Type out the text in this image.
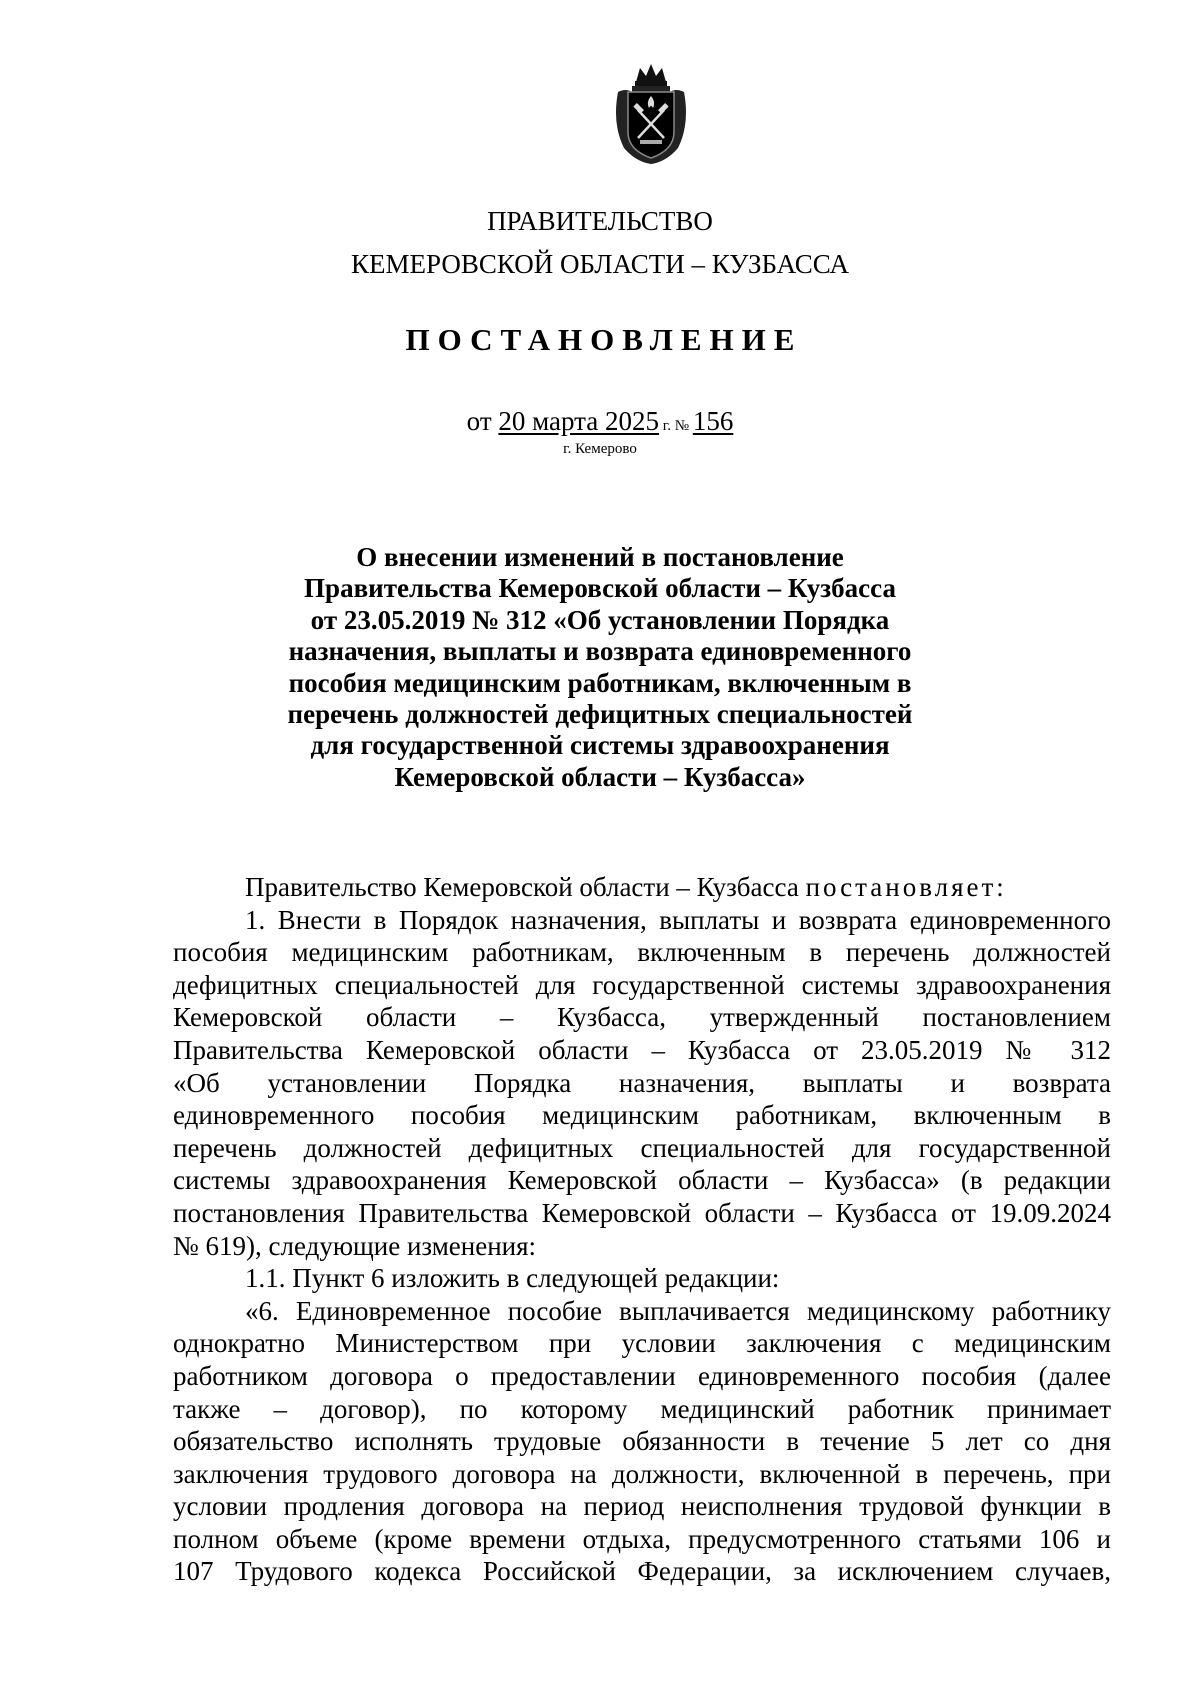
ПРАВИТЕЛЬСТВО
КЕМЕРОВСКОЙ ОБЛАСТИ – КУЗБАССА
ПОСТАНОВЛЕНИЕ
от 20 марта 2025 г. № 156
г. Кемерово
О внесении изменений в постановление
Правительства Кемеровской области – Кузбасса
от 23.05.2019 № 312 «Об установлении Порядка
назначения, выплаты и возврата единовременного
пособия медицинским работникам, включенным в
перечень должностей дефицитных специальностей
для государственной системы здравоохранения
Кемеровской области – Кузбасса»
Правительство Кемеровской области – Кузбасса постановляет:
1. Внести в Порядок назначения, выплаты и возврата единовременного
пособия медицинским работникам, включенным в перечень должностей
дефицитных специальностей для государственной системы здравоохранения
Кемеровской области – Кузбасса, утвержденный постановлением
Правительства Кемеровской области – Кузбасса от 23.05.2019 № 312
«Об установлении Порядка назначения, выплаты и возврата
единовременного пособия медицинским работникам, включенным в
перечень должностей дефицитных специальностей для государственной
системы здравоохранения Кемеровской области – Кузбасса» (в редакции
постановления Правительства Кемеровской области – Кузбасса от 19.09.2024
№ 619), следующие изменения:
1.1. Пункт 6 изложить в следующей редакции:
«6. Единовременное пособие выплачивается медицинскому работнику
однократно Министерством при условии заключения с медицинским
работником договора о предоставлении единовременного пособия (далее
также – договор), по которому медицинский работник принимает
обязательство исполнять трудовые обязанности в течение 5 лет со дня
заключения трудового договора на должности, включенной в перечень, при
условии продления договора на период неисполнения трудовой функции в
полном объеме (кроме времени отдыха, предусмотренного статьями 106 и
107 Трудового кодекса Российской Федерации, за исключением случаев,
